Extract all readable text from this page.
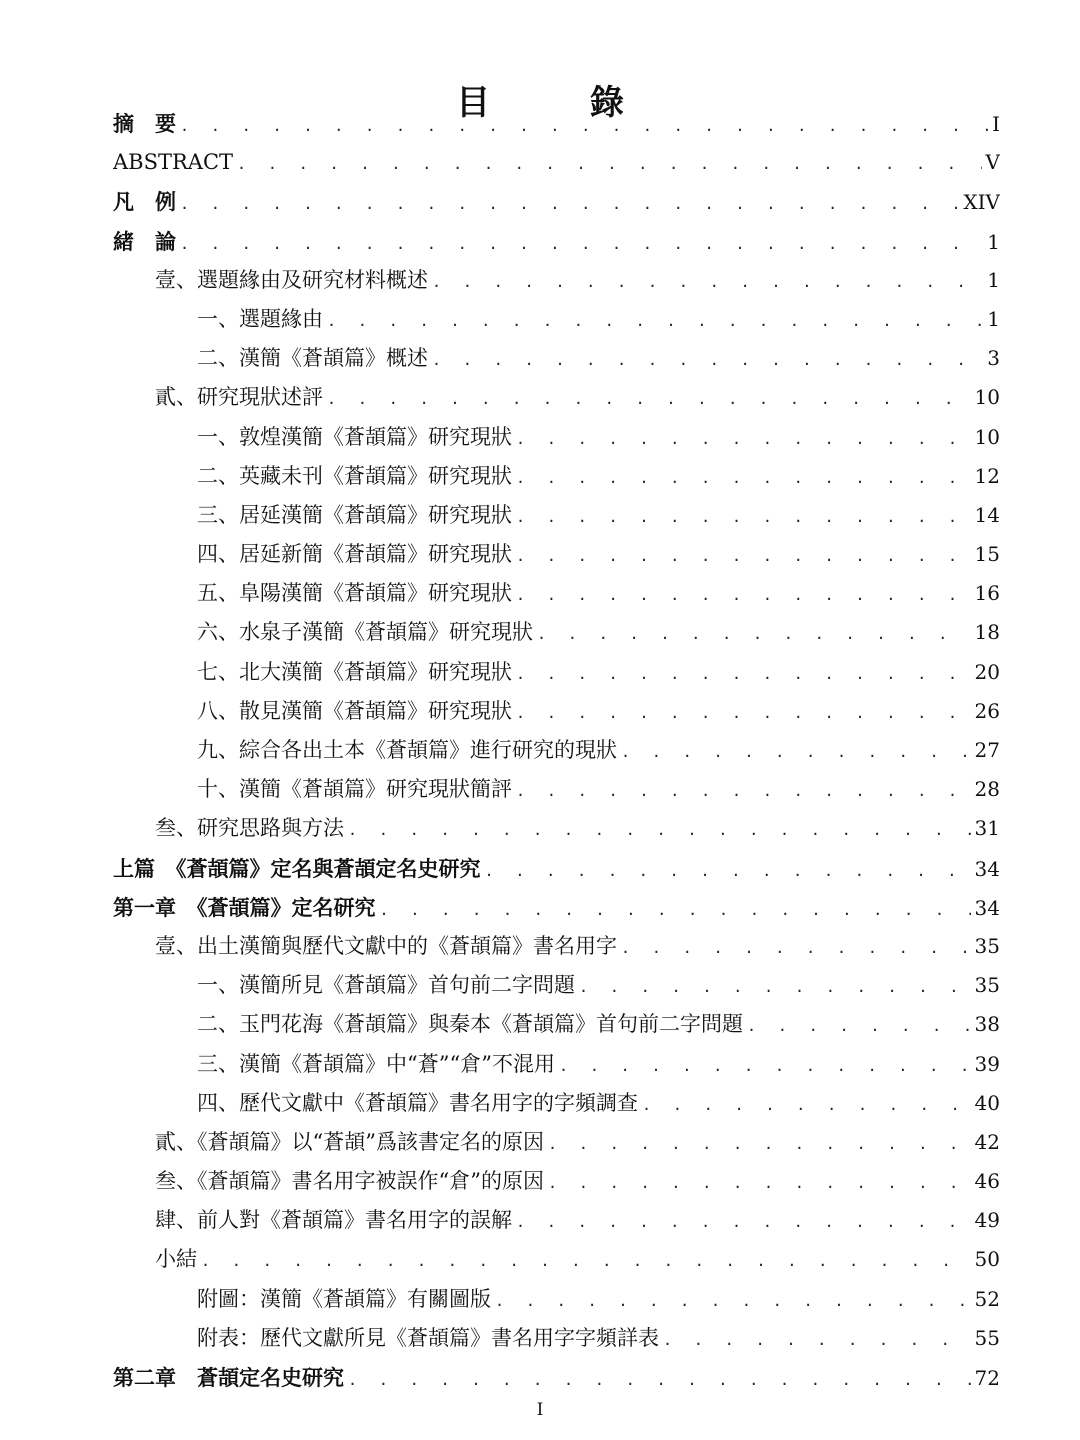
目 錄
摘　要 . . .	I
ABSTRACT . . .	V
凡　例 . . .	XIV
緒　論 . . .	1
壹、選題緣由及研究材料概述 . . .	1
一、選題緣由 . . .	1
二、漢簡《蒼頡篇》概述 . . .	3
貳、研究現狀述評 . . .	10
一、敦煌漢簡《蒼頡篇》研究現狀 . . .	10
二、英藏未刊《蒼頡篇》研究現狀 . . .	12
三、居延漢簡《蒼頡篇》研究現狀 . . .	14
四、居延新簡《蒼頡篇》研究現狀 . . .	15
五、阜陽漢簡《蒼頡篇》研究現狀 . . .	16
六、水泉子漢簡《蒼頡篇》研究現狀 . . .	18
七、北大漢簡《蒼頡篇》研究現狀 . . .	20
八、散見漢簡《蒼頡篇》研究現狀 . . .	26
九、綜合各出土本《蒼頡篇》進行研究的現狀 . . .	27
十、漢簡《蒼頡篇》研究現狀簡評 . . .	28
叁、研究思路與方法 . . .	31
上篇　《蒼頡篇》定名與蒼頡定名史研究 . . .	34
第一章　《蒼頡篇》定名研究 . . .	34
壹、出土漢簡與歷代文獻中的《蒼頡篇》書名用字 . . .	35
一、漢簡所見《蒼頡篇》首句前二字問題 . . .	35
二、玉門花海《蒼頡篇》與秦本《蒼頡篇》首句前二字問題 . . .	38
三、漢簡《蒼頡篇》中“蒼”“倉”不混用 . . .	39
四、歷代文獻中《蒼頡篇》書名用字的字頻調查 . . .	40
貳、《蒼頡篇》以“蒼頡”爲該書定名的原因 . . .	42
叁、《蒼頡篇》書名用字被誤作“倉”的原因 . . .	46
肆、前人對《蒼頡篇》書名用字的誤解 . . .	49
小結 . . .	50
附圖：漢簡《蒼頡篇》有關圖版 . . .	52
附表：歷代文獻所見《蒼頡篇》書名用字字頻詳表 . . .	55
第二章　蒼頡定名史研究 . . .	72
I
